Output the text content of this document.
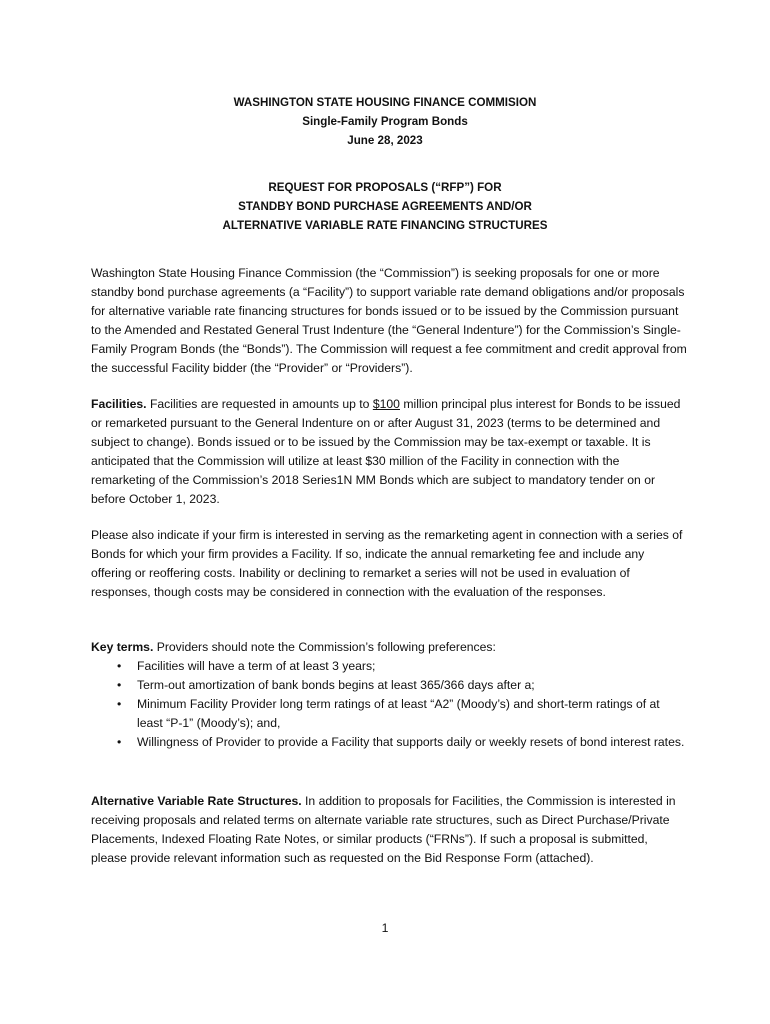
WASHINGTON STATE HOUSING FINANCE COMMISION
Single-Family Program Bonds
June 28, 2023
REQUEST FOR PROPOSALS (“RFP”) FOR
STANDBY BOND PURCHASE AGREEMENTS AND/OR
ALTERNATIVE VARIABLE RATE FINANCING STRUCTURES

Washington State Housing Finance Commission (the “Commission”) is seeking proposals for one or more standby bond purchase agreements (a “Facility”) to support variable rate demand obligations and/or proposals for alternative variable rate financing structures for bonds issued or to be issued by the Commission pursuant to the Amended and Restated General Trust Indenture (the “General Indenture”) for the Commission’s Single-Family Program Bonds (the “Bonds”). The Commission will request a fee commitment and credit approval from the successful Facility bidder (the “Provider” or “Providers”).

Facilities. Facilities are requested in amounts up to $100 million principal plus interest for Bonds to be issued or remarketed pursuant to the General Indenture on or after August 31, 2023 (terms to be determined and subject to change). Bonds issued or to be issued by the Commission may be tax-exempt or taxable. It is anticipated that the Commission will utilize at least $30 million of the Facility in connection with the remarketing of the Commission’s 2018 Series1N MM Bonds which are subject to mandatory tender on or before October 1, 2023.

Please also indicate if your firm is interested in serving as the remarketing agent in connection with a series of Bonds for which your firm provides a Facility. If so, indicate the annual remarketing fee and include any offering or reoffering costs. Inability or declining to remarket a series will not be used in evaluation of responses, though costs may be considered in connection with the evaluation of the responses.

Key terms. Providers should note the Commission’s following preferences:

•	Facilities will have a term of at least 3 years;
•	Term-out amortization of bank bonds begins at least 365/366 days after a;
•	Minimum Facility Provider long term ratings of at least “A2” (Moody’s) and short-term ratings of at least “P-1” (Moody’s); and,
•	Willingness of Provider to provide a Facility that supports daily or weekly resets of bond interest rates.

Alternative Variable Rate Structures. In addition to proposals for Facilities, the Commission is interested in receiving proposals and related terms on alternate variable rate structures, such as Direct Purchase/Private Placements, Indexed Floating Rate Notes, or similar products (“FRNs”). If such a proposal is submitted, please provide relevant information such as requested on the Bid Response Form (attached).

1
